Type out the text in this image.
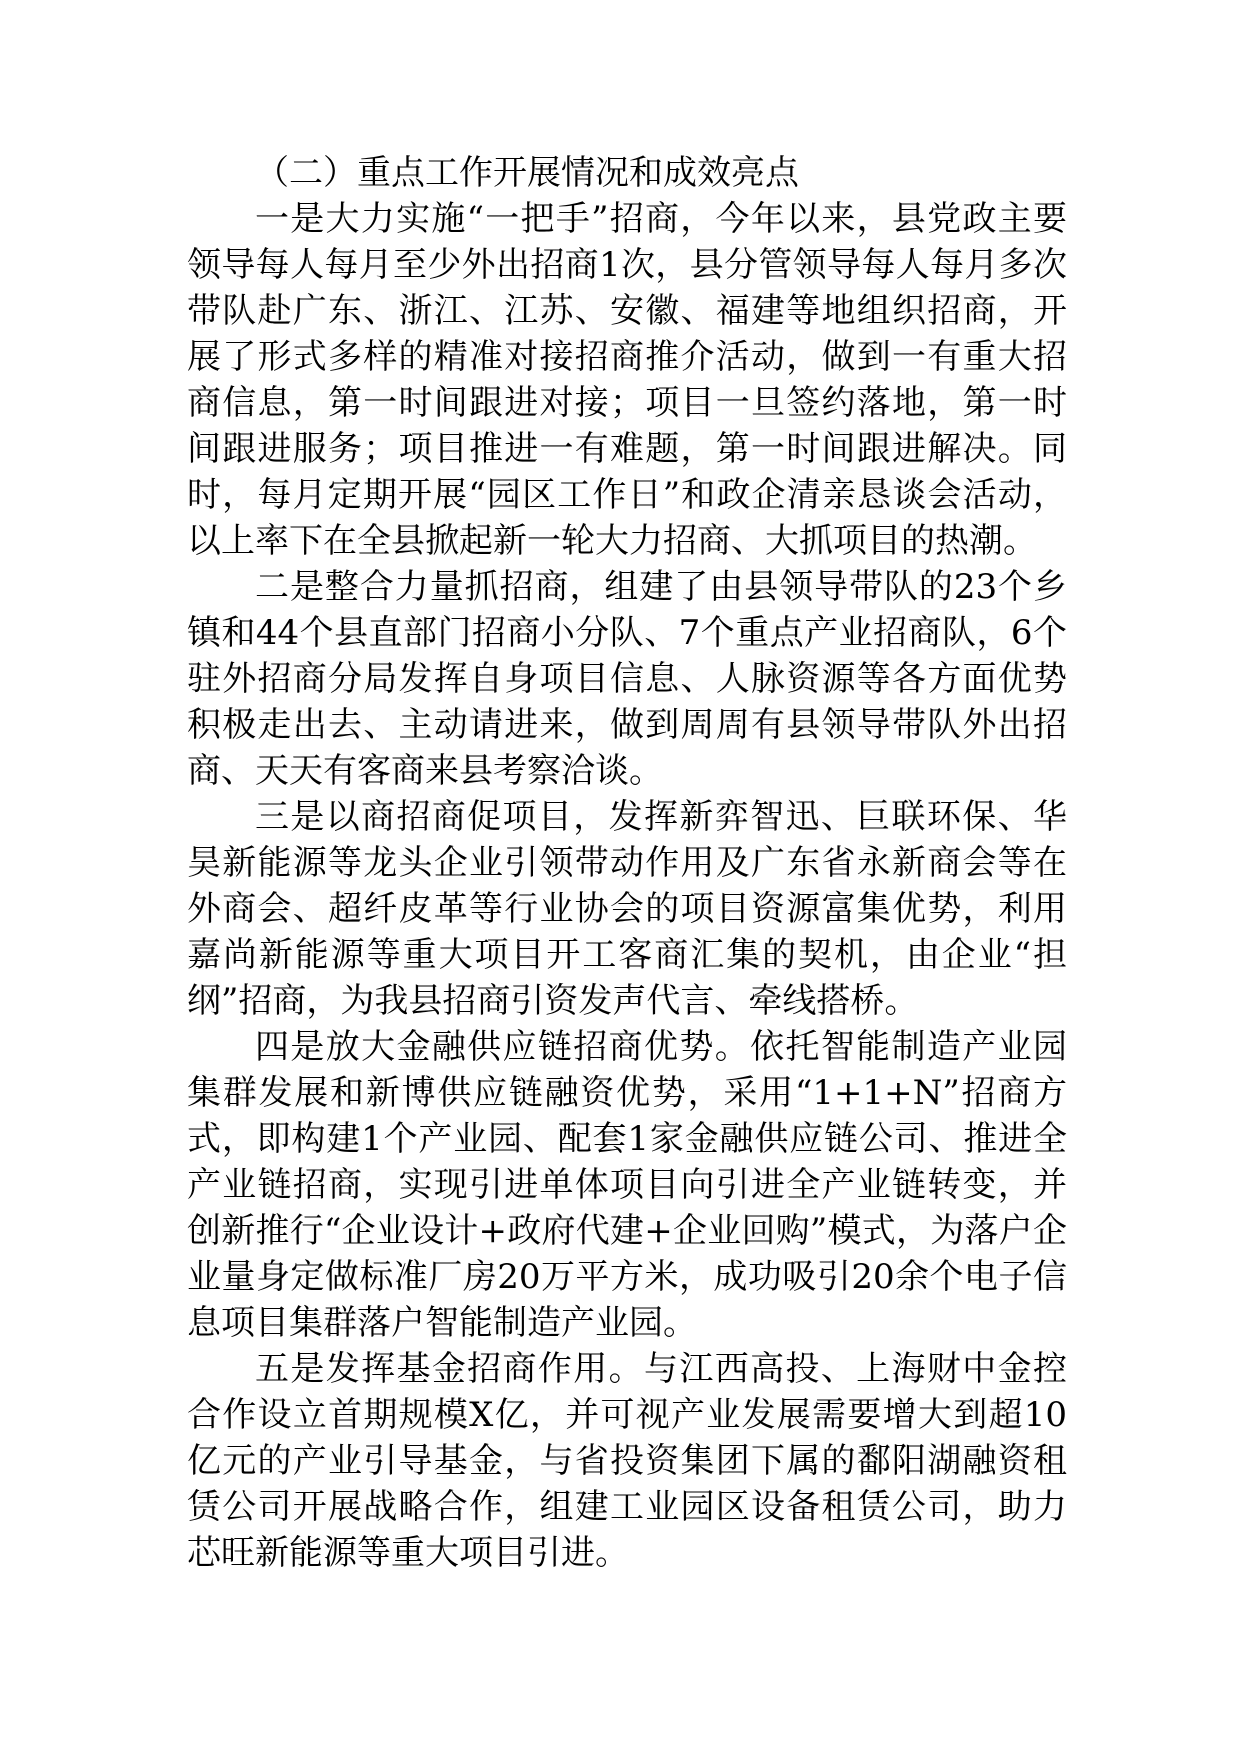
（二）重点工作开展情况和成效亮点

一是大力实施“一把手”招商，今年以来，县党政主要领导每人每月至少外出招商1次，县分管领导每人每月多次带队赴广东、浙江、江苏、安徽、福建等地组织招商，开展了形式多样的精准对接招商推介活动，做到一有重大招商信息，第一时间跟进对接；项目一旦签约落地，第一时间跟进服务；项目推进一有难题，第一时间跟进解决。同时，每月定期开展“园区工作日”和政企清亲恳谈会活动，以上率下在全县掀起新一轮大力招商、大抓项目的热潮。

二是整合力量抓招商，组建了由县领导带队的23个乡镇和44个县直部门招商小分队、7个重点产业招商队，6个驻外招商分局发挥自身项目信息、人脉资源等各方面优势积极走出去、主动请进来，做到周周有县领导带队外出招商、天天有客商来县考察洽谈。

三是以商招商促项目，发挥新弈智迅、巨联环保、华昊新能源等龙头企业引领带动作用及广东省永新商会等在外商会、超纤皮革等行业协会的项目资源富集优势，利用嘉尚新能源等重大项目开工客商汇集的契机，由企业“担纲”招商，为我县招商引资发声代言、牵线搭桥。

四是放大金融供应链招商优势。依托智能制造产业园集群发展和新博供应链融资优势，采用“1+1+N”招商方式，即构建1个产业园、配套1家金融供应链公司、推进全产业链招商，实现引进单体项目向引进全产业链转变，并创新推行“企业设计+政府代建+企业回购”模式，为落户企业量身定做标准厂房20万平方米，成功吸引20余个电子信息项目集群落户智能制造产业园。

五是发挥基金招商作用。与江西高投、上海财中金控合作设立首期规模X亿，并可视产业发展需要增大到超10亿元的产业引导基金，与省投资集团下属的鄱阳湖融资租赁公司开展战略合作，组建工业园区设备租赁公司，助力芯旺新能源等重大项目引进。
